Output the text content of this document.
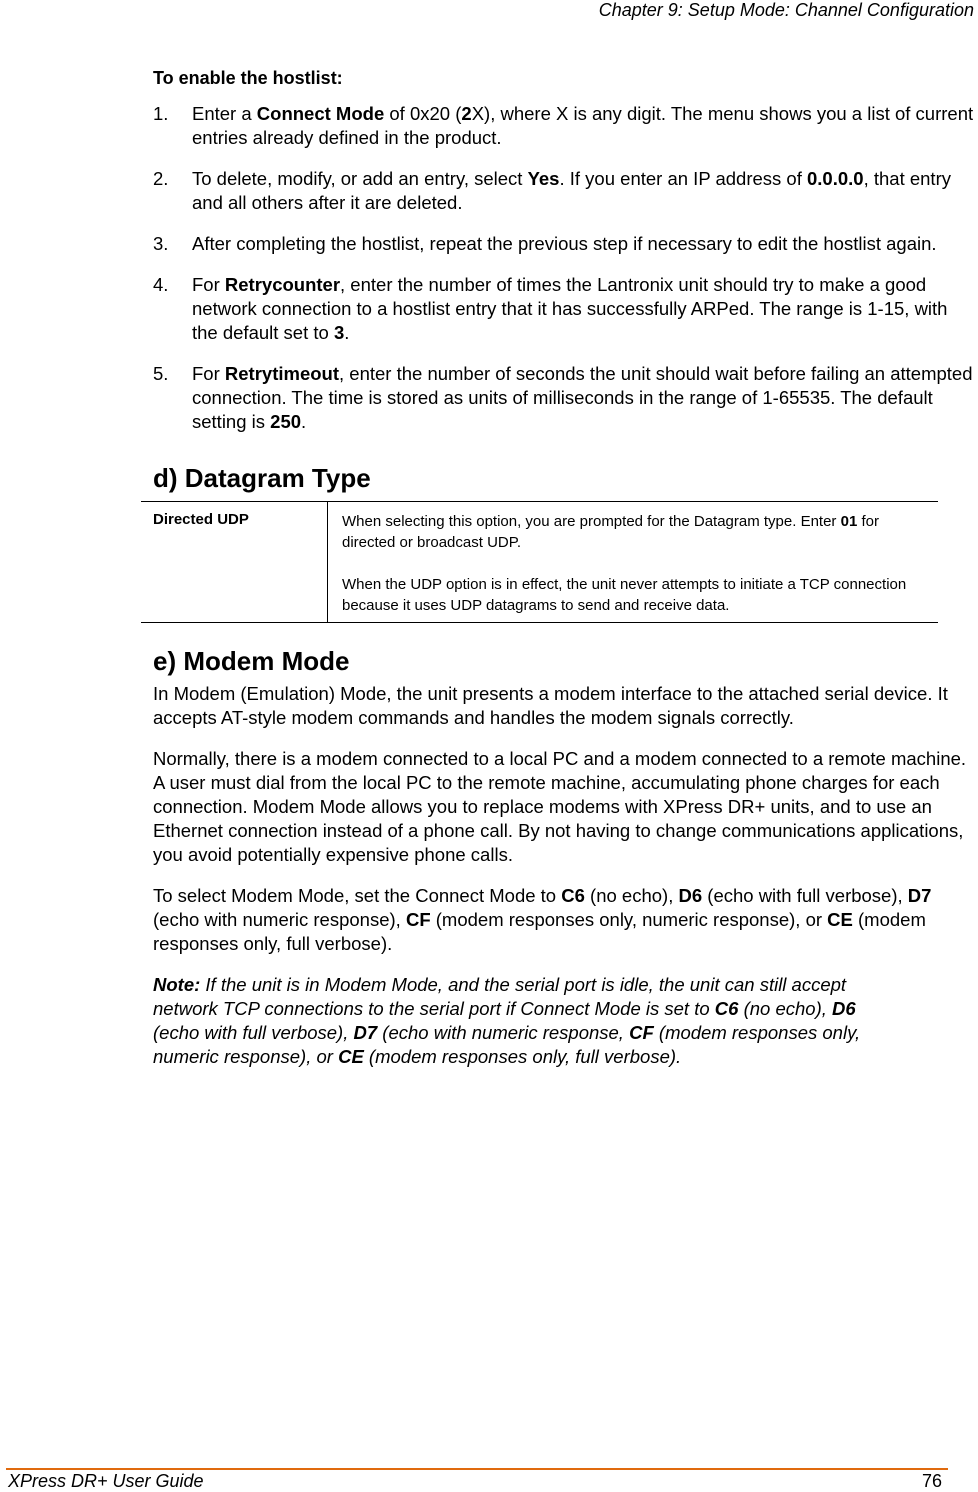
Chapter 9: Setup Mode: Channel Configuration
To enable the hostlist:
1. Enter a Connect Mode of 0x20 (2X), where X is any digit. The menu shows you a list of current entries already defined in the product.
2. To delete, modify, or add an entry, select Yes. If you enter an IP address of 0.0.0.0, that entry and all others after it are deleted.
3. After completing the hostlist, repeat the previous step if necessary to edit the hostlist again.
4. For Retrycounter, enter the number of times the Lantronix unit should try to make a good network connection to a hostlist entry that it has successfully ARPed. The range is 1-15, with the default set to 3.
5. For Retrytimeout, enter the number of seconds the unit should wait before failing an attempted connection. The time is stored as units of milliseconds in the range of 1-65535. The default setting is 250.
d) Datagram Type
Directed UDP	When selecting this option, you are prompted for the Datagram type. Enter 01 for directed or broadcast UDP.

When the UDP option is in effect, the unit never attempts to initiate a TCP connection because it uses UDP datagrams to send and receive data.

e) Modem Mode

In Modem (Emulation) Mode, the unit presents a modem interface to the attached serial device. It accepts AT-style modem commands and handles the modem signals correctly.

Normally, there is a modem connected to a local PC and a modem connected to a remote machine. A user must dial from the local PC to the remote machine, accumulating phone charges for each connection. Modem Mode allows you to replace modems with XPress DR+ units, and to use an Ethernet connection instead of a phone call. By not having to change communications applications, you avoid potentially expensive phone calls.

To select Modem Mode, set the Connect Mode to C6 (no echo), D6 (echo with full verbose), D7 (echo with numeric response), CF (modem responses only, numeric response), or CE (modem responses only, full verbose).

Note: If the unit is in Modem Mode, and the serial port is idle, the unit can still accept network TCP connections to the serial port if Connect Mode is set to C6 (no echo), D6 (echo with full verbose), D7 (echo with numeric response, CF (modem responses only, numeric response), or CE (modem responses only, full verbose).
XPress DR+ User Guide	76
